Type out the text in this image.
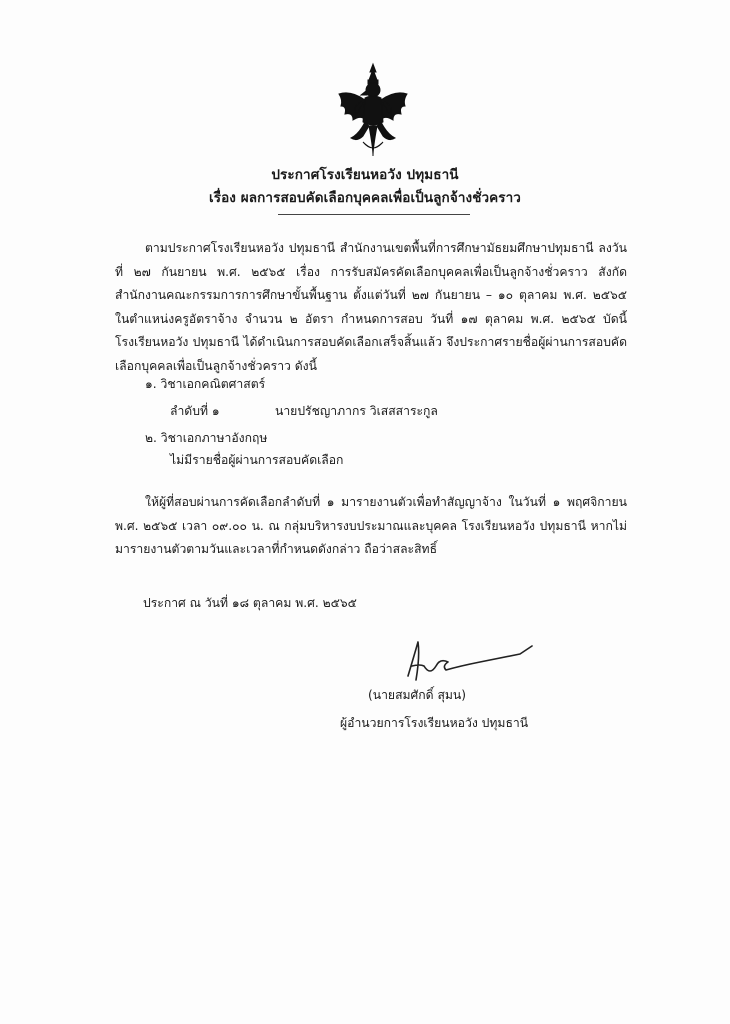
ประกาศโรงเรียนหอวัง ปทุมธานี
เรื่อง ผลการสอบคัดเลือกบุคคลเพื่อเป็นลูกจ้างชั่วคราว
ตามประกาศโรงเรียนหอวัง ปทุมธานี สำนักงานเขตพื้นที่การศึกษามัธยมศึกษาปทุมธานี ลงวันที่ ๒๗ กันยายน พ.ศ. ๒๕๖๕ เรื่อง การรับสมัครคัดเลือกบุคคลเพื่อเป็นลูกจ้างชั่วคราว สังกัดสำนักงานคณะกรรมการการศึกษาขั้นพื้นฐาน ตั้งแต่วันที่ ๒๗ กันยายน – ๑๐ ตุลาคม พ.ศ. ๒๕๖๕ ในตำแหน่งครูอัตราจ้าง จำนวน ๒ อัตรา กำหนดการสอบ วันที่ ๑๗ ตุลาคม พ.ศ. ๒๕๖๕ บัดนี้ โรงเรียนหอวัง ปทุมธานี ได้ดำเนินการสอบคัดเลือกเสร็จสิ้นแล้ว จึงประกาศรายชื่อผู้ผ่านการสอบคัดเลือกบุคคลเพื่อเป็นลูกจ้างชั่วคราว ดังนี้
๑. วิชาเอกคณิตศาสตร์
ลำดับที่ ๑	นายปรัชญาภากร วิเสสสาระกูล
๒. วิชาเอกภาษาอังกฤษ
ไม่มีรายชื่อผู้ผ่านการสอบคัดเลือก
ให้ผู้ที่สอบผ่านการคัดเลือกลำดับที่ ๑ มารายงานตัวเพื่อทำสัญญาจ้าง ในวันที่ ๑ พฤศจิกายน พ.ศ. ๒๕๖๕ เวลา ๐๙.๐๐ น. ณ กลุ่มบริหารงบประมาณและบุคคล โรงเรียนหอวัง ปทุมธานี หากไม่มารายงานตัวตามวันและเวลาที่กำหนดดังกล่าว ถือว่าสละสิทธิ์
ประกาศ ณ วันที่ ๑๘ ตุลาคม พ.ศ. ๒๕๖๕
(นายสมศักดิ์ สุมน)
ผู้อำนวยการโรงเรียนหอวัง ปทุมธานี
